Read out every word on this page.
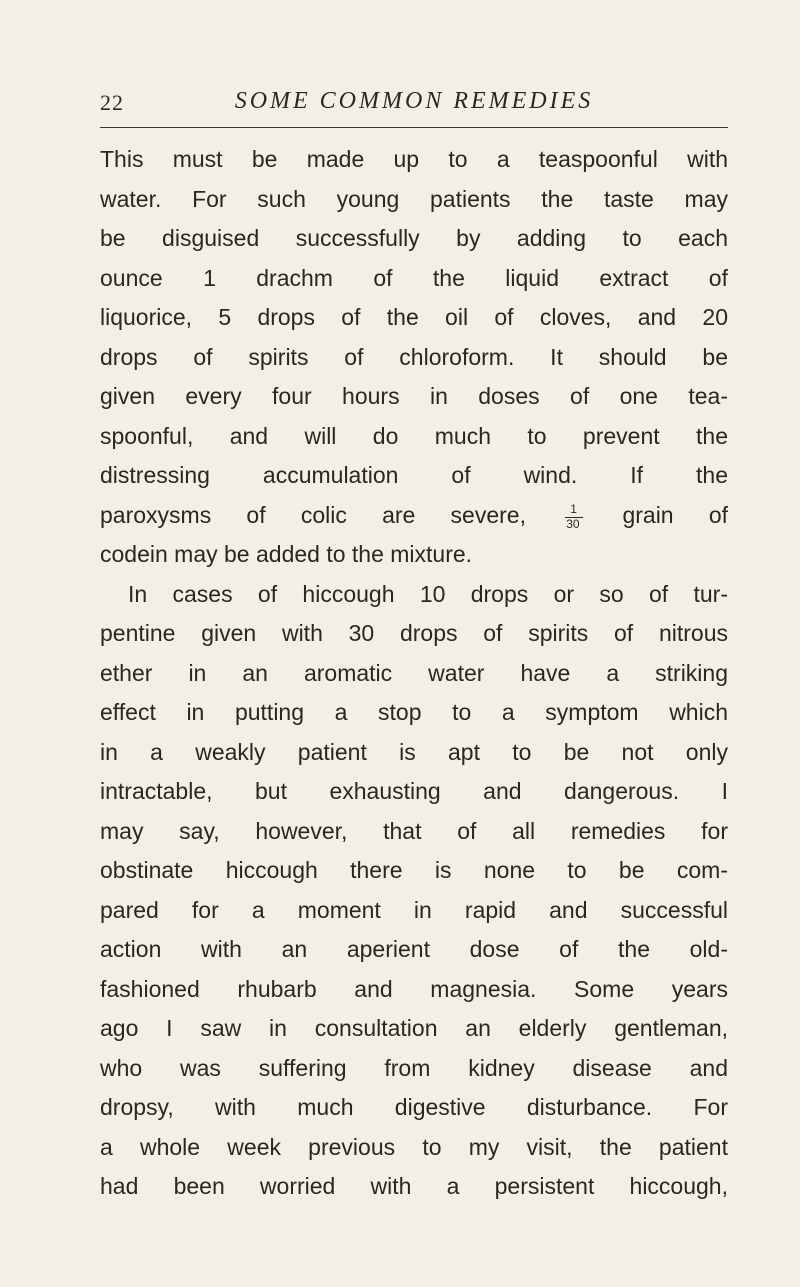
22	SOME COMMON REMEDIES
This must be made up to a teaspoonful with
water. For such young patients the taste may
be disguised successfully by adding to each
ounce 1 drachm of the liquid extract of
liquorice, 5 drops of the oil of cloves, and 20
drops of spirits of chloroform. It should be
given every four hours in doses of one tea-
spoonful, and will do much to prevent the
distressing accumulation of wind. If the
paroxysms of colic are severe,	$\frac{1}{30}$ grain of
codein may be added to the mixture.
In cases of hiccough 10 drops or so of tur-
pentine given with 30 drops of spirits of nitrous
ether in an aromatic water have a striking
effect in putting a stop to a symptom which
in a weakly patient is apt to be not only
intractable, but exhausting and dangerous. I
may say, however, that of all remedies for
obstinate hiccough there is none to be com-
pared for a moment in rapid and successful
action with an aperient dose of the old-
fashioned rhubarb and magnesia. Some years
ago I saw in consultation an elderly gentleman,
who was suffering from kidney disease and
dropsy, with much digestive disturbance. For
a whole week previous to my visit, the patient
had been worried with a persistent hiccough,
